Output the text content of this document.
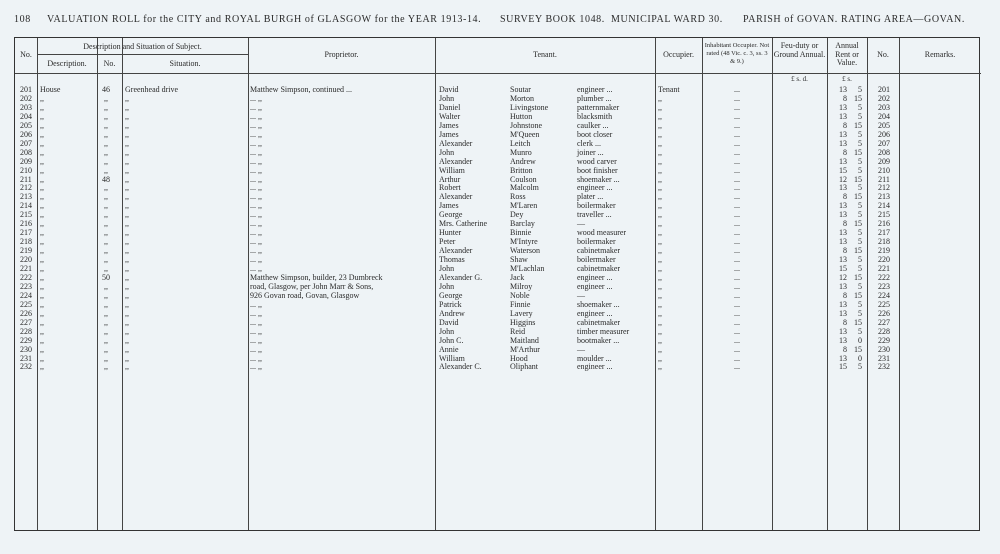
108 VALUATION ROLL for the CITY and ROYAL BURGH of GLASGOW for the YEAR 1913-14. SURVEY BOOK 1048. MUNICIPAL WARD 30. PARISH of GOVAN. RATING AREA—GOVAN.
No.
Description and Situation of Subject.
Description.	No.	Situation.
Proprietor.	Tenant.	Occupier.
Inhabitant Occupier. Not rated (48 Vic. c. 3, ss. 3 & 9.)
Feu-duty or Ground Annual.
Annual Rent or Value.
No.	Remarks.
£ s. d.	£ s.
201 House	46	Greenhead drive	Matthew Simpson, continued ...	David	Soutar	engineer ...	Tenant	...	13	5	201
202 ,,	,,	,,	... ,,	John	Morton	plumber ...	,,	...	8 15	202
203 ,,	,,	,,	... ,,	Daniel	Livingstone	patternmaker	,,	...	13	5	203
204 ,,	,,	,,	... ,,	Walter	Hutton	blacksmith	,,	...	13	5	204
205 ,,	,,	,,	... ,,	James	Johnstone	caulker ...	,,	...	8 15	205
206 ,,	,,	,,	... ,,	James	M'Queen	boot closer	,,	...	13	5	206
207 ,,	,,	,,	... ,,	Alexander	Leitch	clerk ...	,,	...	13	5	207
208 ,,	,,	,,	... ,,	John	Munro	joiner ...	,,	...	8 15	208
209 ,,	,,	,,	... ,,	Alexander	Andrew	wood carver	,,	...	13	5	209
210 ,,	,,	,,	... ,,	William	Britton	boot finisher	,,	...	15	5	210
211 ,,	48	,,	... ,,	Arthur	Coulson	shoemaker ...	,,	...	12 15	211
212 ,,	,,	,,	... ,,	Robert	Malcolm	engineer ...	,,	...	13	5	212
213 ,,	,,	,,	... ,,	Alexander	Ross	plater ...	,,	...	8 15	213
214 ,,	,,	,,	... ,,	James	M'Laren	boilermaker	,,	...	13	5	214
215 ,,	,,	,,	... ,,	George	Dey	traveller ...	,,	...	13	5	215
216 ,,	,,	,,	... ,,	Mrs. Catherine	Barclay	—	,,	...	8 15	216
217 ,,	,,	,,	... ,,	Hunter	Binnie	wood measurer	,,	...	13	5	217
218 ,,	,,	,,	... ,,	Peter	M'Intyre	boilermaker	,,	...	13	5	218
219 ,,	,,	,,	... ,,	Alexander	Waterson	cabinetmaker	,,	...	8 15	219
220 ,,	,,	,,	... ,,	Thomas	Shaw	boilermaker	,,	...	13	5	220
221 ,,	,,	,,	... ,,	John	M'Lachlan	cabinetmaker	,,	...	15	5	221
222 ,,	50	,,	Matthew Simpson, builder, 23 Dumbreck	Alexander G.	Jack	engineer ...	,,	...	12 15	222
223 ,,	,,	,,	road, Glasgow, per John Marr & Sons,	John	Milroy	engineer ...	,,	...	13	5	223
224 ,,	,,	,,	926 Govan road, Govan, Glasgow	George	Noble	—	,,	...	8 15	224
225 ,,	,,	,,	... ,,	Patrick	Finnie	shoemaker ...	,,	...	13	5	225
226 ,,	,,	,,	... ,,	Andrew	Lavery	engineer ...	,,	...	13	5	226
227 ,,	,,	,,	... ,,	David	Higgins	cabinetmaker	,,	...	8 15	227
228 ,,	,,	,,	... ,,	John	Reid	timber measurer	,,	...	13	5	228
229 ,,	,,	,,	... ,,	John C.	Maitland	bootmaker ...	,,	...	13	0	229
230 ,,	,,	,,	... ,,	Annie	M'Arthur	—	,,	...	8 15	230
231 ,,	,,	,,	... ,,	William	Hood	moulder ...	,,	...	13	0	231
232 ,,	,,	,,	... ,,	Alexander C.	Oliphant	engineer ...	,,	...	15	5	232
